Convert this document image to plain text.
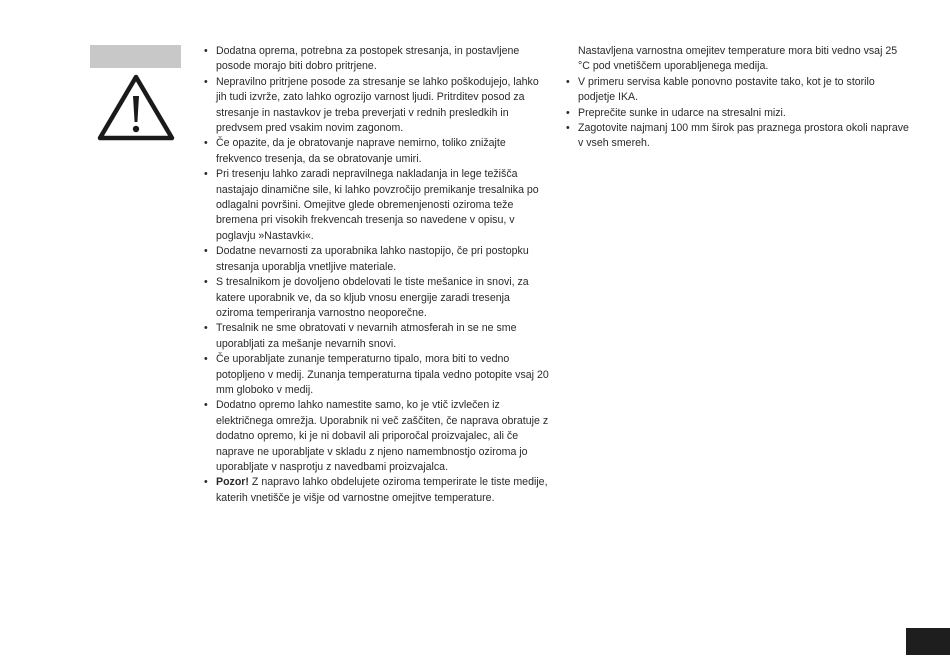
• Dodatna oprema, potrebna za postopek stresanja, in postavljene posode morajo biti dobro pritrjene.
• Nepravilno pritrjene posode za stresanje se lahko poškodujejo, lahko jih tudi izvrže, zato lahko ogrozijo varnost ljudi. Pritrditev posod za stresanje in nastavkov je treba preverjati v rednih presledkih in predvsem pred vsakim novim zagonom.
• Če opazite, da je obratovanje naprave nemirno, toliko znižajte frekvenco tresenja, da se obratovanje umiri.
• Pri tresenju lahko zaradi nepravilnega nakladanja in lege težišča nastajajo dinamične sile, ki lahko povzročijo premikanje tresalnika po odlagalni površini. Omejitve glede obremenjenosti oziroma teže bremena pri visokih frekvencah tresenja so navedene v opisu, v poglavju »Nastavki«.
• Dodatne nevarnosti za uporabnika lahko nastopijo, če pri postopku stresanja uporablja vnetljive materiale.
• S tresalnikom je dovoljeno obdelovati le tiste mešanice in snovi, za katere uporabnik ve, da so kljub vnosu energije zaradi tresenja oziroma temperiranja varnostno neoporečne.
• Tresalnik ne sme obratovati v nevarnih atmosferah in se ne sme uporabljati za mešanje nevarnih snovi.
• Če uporabljate zunanje temperaturno tipalo, mora biti to vedno potopljeno v medij. Zunanja temperaturna tipala vedno potopite vsaj 20 mm globoko v medij.
• Dodatno opremo lahko namestite samo, ko je vtič izvlečen iz električnega omrežja. Uporabnik ni več zaščiten, če naprava obratuje z dodatno opremo, ki je ni dobavil ali priporočal proizvajalec, ali če naprave ne uporabljate v skladu z njeno namembnostjo oziroma jo uporabljate v nasprotju z navedbami proizvajalca.
• Pozor! Z napravo lahko obdelujete oziroma temperirate le tiste medije, katerih vnetišče je višje od varnostne omejitve temperature.
Nastavljena varnostna omejitev temperature mora biti vedno vsaj 25 °C pod vnetiščem uporabljenega medija.
• V primeru servisa kable ponovno postavite tako, kot je to storilo podjetje IKA.
• Preprečite sunke in udarce na stresalni mizi.
• Zagotovite najmanj 100 mm širok pas praznega prostora okoli naprave v vseh smereh.
